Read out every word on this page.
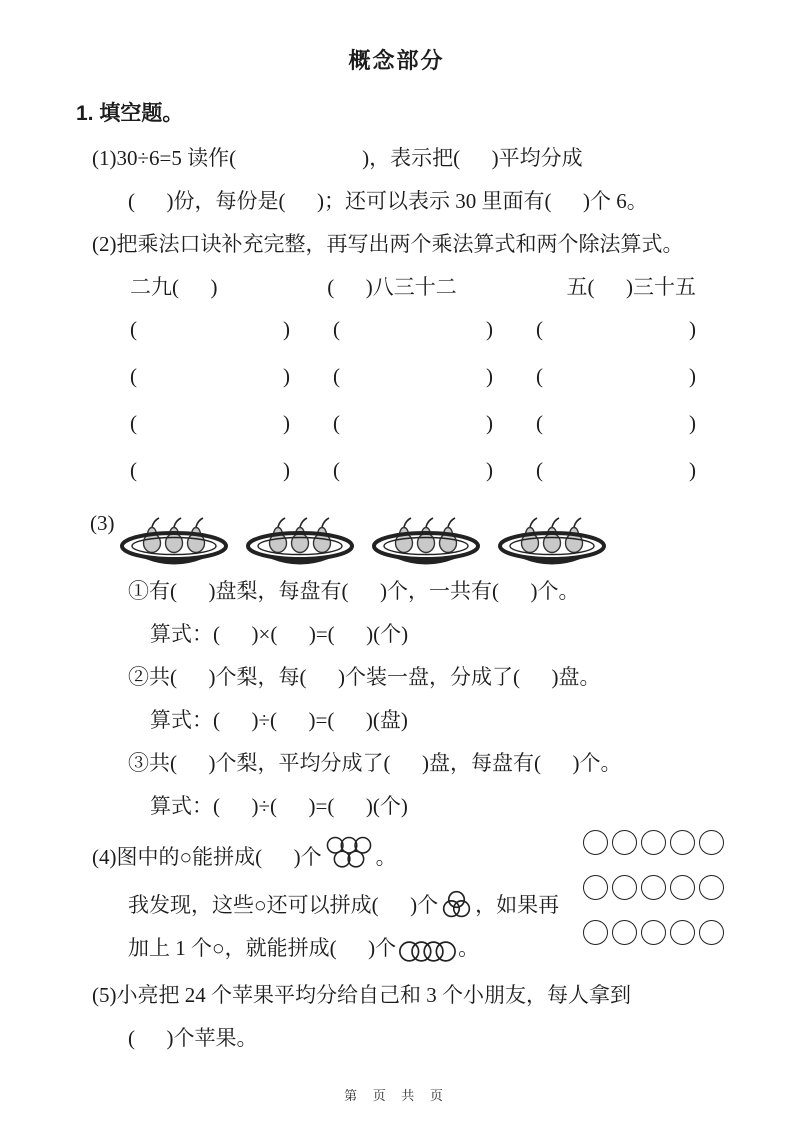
概念部分
1. 填空题。
(1)30÷6=5 读作(                        )，表示把(      )平均分成
(      )份，每份是(      )；还可以表示 30 里面有(      )个 6。
(2)把乘法口诀补充完整，再写出两个乘法算式和两个除法算式。
二九(      )	(      )八三十二	五(      )三十五
(	) (	) (	)
(	) (	) (	)
(	) (	) (	)
(	) (	) (	)
(3)
①有(      )盘梨，每盘有(      )个，一共有(      )个。
算式：(      )×(      )=(      )(个)
②共(      )个梨，每(      )个装一盘，分成了(      )盘。
算式：(      )÷(      )=(      )(盘)
③共(      )个梨，平均分成了(      )盘，每盘有(      )个。
算式：(      )÷(      )=(      )(个)
(4)图中的○能拼成(      )个	。
我发现，这些○还可以拼成(      )个 ，如果再
加上 1 个○，就能拼成(      )个	。
(5)小亮把 24 个苹果平均分给自己和 3 个小朋友，每人拿到
(      )个苹果。
第 页 共 页
